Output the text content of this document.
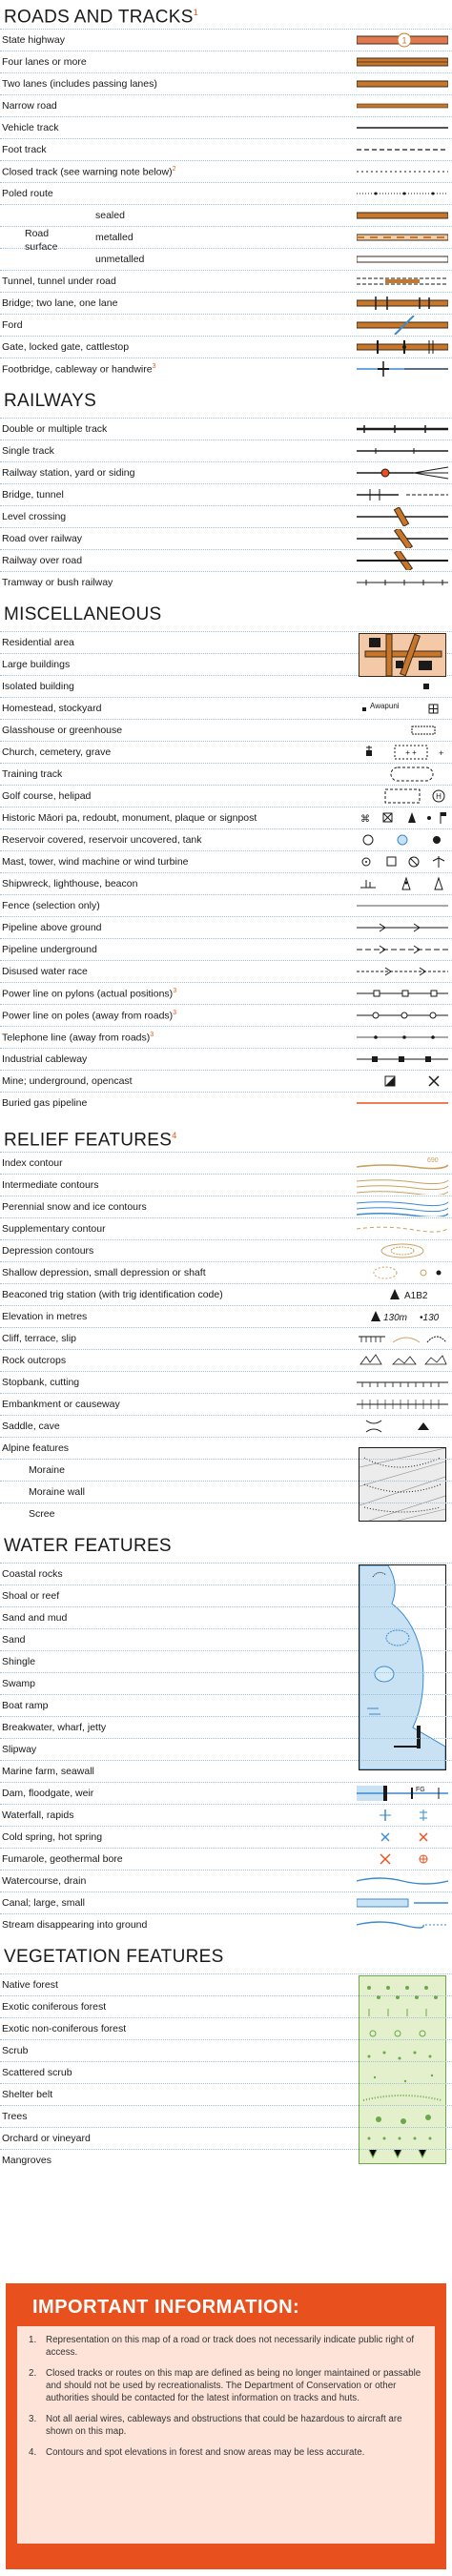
ROADS AND TRACKS$^1$
State highway	1
Four lanes or more
Two lanes (includes passing lanes)
Narrow road
Vehicle track
Foot track
Closed track (see warning note below)$^2$
Poled route
Road
surface
sealed
metalled
unmetalled
Tunnel, tunnel under road
Bridge; two lane, one lane
Ford
Gate, locked gate, cattlestop
Footbridge, cableway or handwire$^3$
RAILWAYS
Double or multiple track
Single track
Railway station, yard or siding
Bridge, tunnel
Level crossing
Road over railway
Railway over road
Tramway or bush railway
MISCELLANEOUS
Residential area
Large buildings
Isolated building
Homestead, stockyard	Awapuni
Glasshouse or greenhouse
Church, cemetery, grave	+ +	+
Training track
Golf course, helipad	H
Historic Māori pa, redoubt, monument, plaque or signpost	⌘
Reservoir covered, reservoir uncovered, tank
Mast, tower, wind machine or wind turbine
Shipwreck, lighthouse, beacon
Fence (selection only)
Pipeline above ground
Pipeline underground
Disused water race
Power line on pylons (actual positions)$^3$
Power line on poles (away from roads)$^3$
Telephone line (away from roads)$^3$
Industrial cableway
Mine; underground, opencast
Buried gas pipeline
RELIEF FEATURES$^4$
Index contour	690
Intermediate contours
Perennial snow and ice contours
Supplementary contour
Depression contours
Shallow depression, small depression or shaft
Beaconed trig station (with trig identification code)	A1B2
Elevation in metres	130m •130
Cliff, terrace, slip
Rock outcrops
Stopbank, cutting
Embankment or causeway
Saddle, cave
Alpine features
Moraine
Moraine wall
Scree
WATER FEATURES
Coastal rocks
Shoal or reef
Sand and mud
Sand
Shingle
Swamp
Boat ramp
Breakwater, wharf, jetty
Slipway
Marine farm, seawall
Dam, floodgate, weir	FG
Waterfall, rapids
Cold spring, hot spring
Fumarole, geothermal bore
Watercourse, drain
Canal; large, small
Stream disappearing into ground
VEGETATION FEATURES
Native forest
Exotic coniferous forest
Exotic non-coniferous forest
Scrub
Scattered scrub
Shelter belt
Trees
Orchard or vineyard
Mangroves
IMPORTANT INFORMATION:
1.	Representation on this map of a road or track does not necessarily indicate public right of access.
2.	Closed tracks or routes on this map are defined as being no longer maintained or passable and should not be used by recreationalists. The Department of Conservation or other authorities should be contacted for the latest information on tracks and huts.
3.	Not all aerial wires, cableways and obstructions that could be hazardous to aircraft are shown on this map.
4.	Contours and spot elevations in forest and snow areas may be less accurate.
